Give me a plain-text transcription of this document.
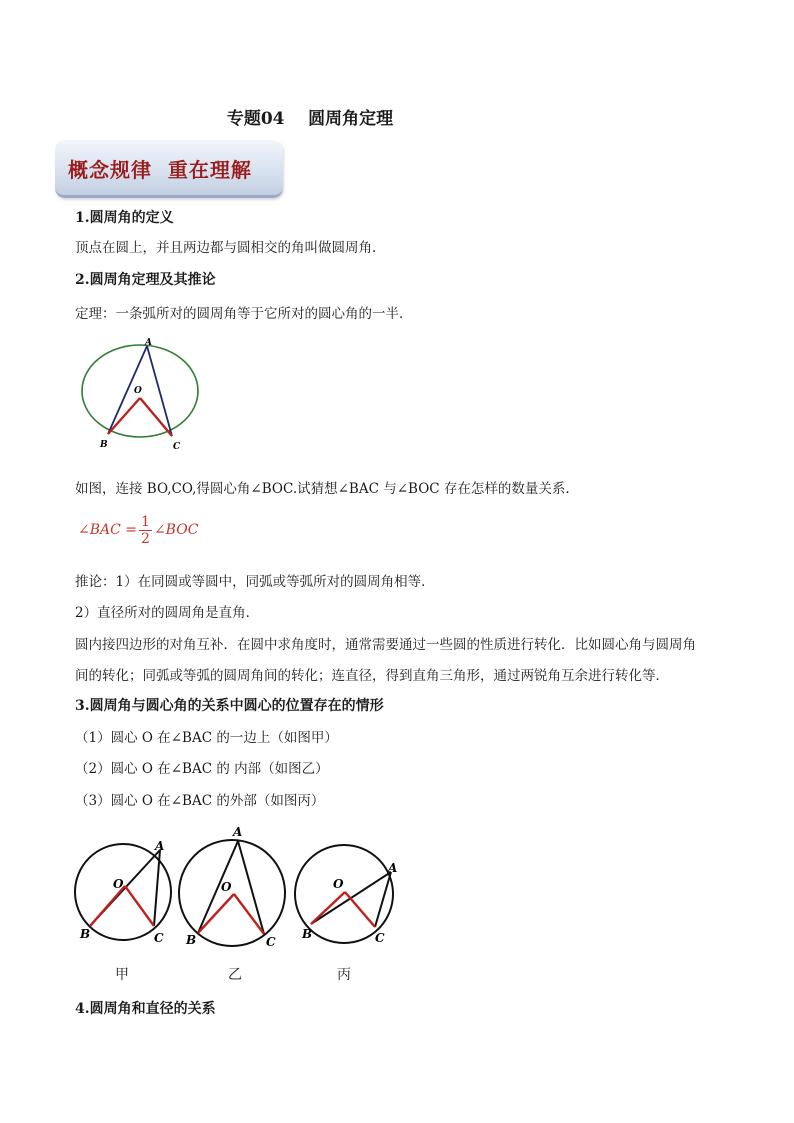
专题04    圆周角定理
概念规律  重在理解
1.圆周角的定义
顶点在圆上，并且两边都与圆相交的角叫做圆周角.
2.圆周角定理及其推论
定理：一条弧所对的圆周角等于它所对的圆心角的一半．
A
O
B	C
如图，连接 BO,CO,得圆心角∠BOC.试猜想∠BAC 与∠BOC 存在怎样的数量关系.
∠BAC = $\frac{1}{2}$ ∠BOC
推论：1）在同圆或等圆中，同弧或等弧所对的圆周角相等．
2）直径所对的圆周角是直角．
圆内接四边形的对角互补．在圆中求角度时，通常需要通过一些圆的性质进行转化．比如圆心角与圆周角
间的转化；同弧或等弧的圆周角间的转化；连直径，得到直角三角形，通过两锐角互余进行转化等．
3.圆周角与圆心角的关系中圆心的位置存在的情形
（1）圆心 O 在∠BAC 的一边上（如图甲）
（2）圆心 O 在∠BAC 的 内部（如图乙）
（3）圆心 O 在∠BAC 的外部（如图丙）
A
O
B	C
A
O
B	C
A
O
B	C
甲	乙	丙
4.圆周角和直径的关系
